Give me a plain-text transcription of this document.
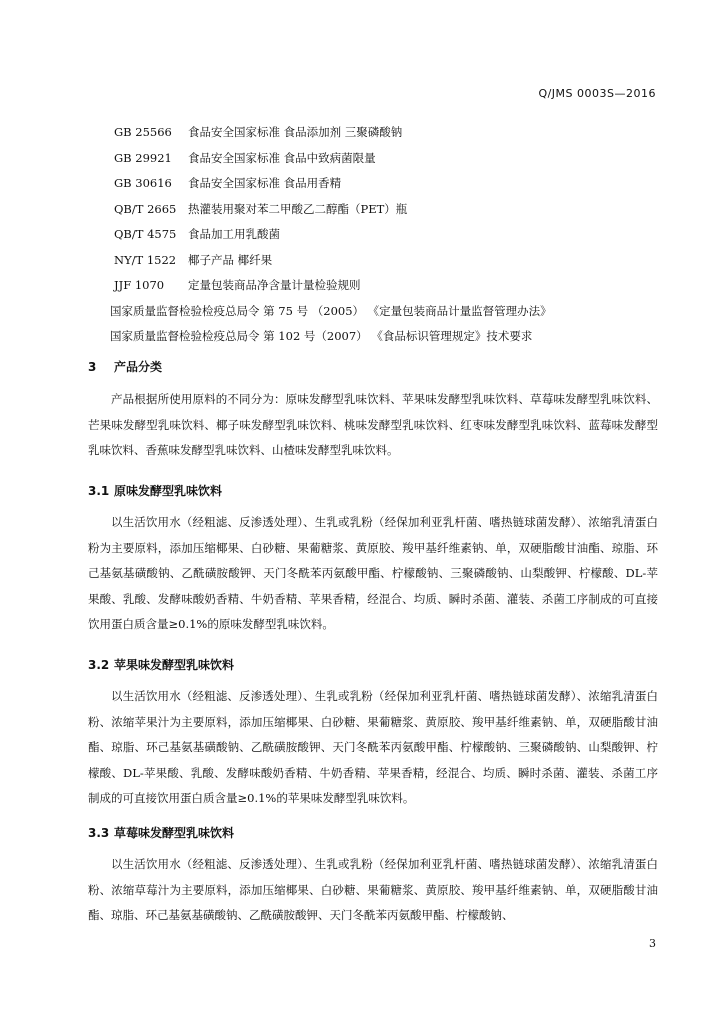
Q/JMS 0003S—2016
GB 25566 食品安全国家标准 食品添加剂 三聚磷酸钠
GB 29921 食品安全国家标准 食品中致病菌限量
GB 30616 食品安全国家标准 食品用香精
QB/T 2665 热灌装用聚对苯二甲酸乙二醇酯（PET）瓶
QB/T 4575 食品加工用乳酸菌
NY/T 1522 椰子产品 椰纤果
JJF 1070 定量包装商品净含量计量检验规则
国家质量监督检验检疫总局令 第 75 号 （2005） 《定量包装商品计量监督管理办法》
国家质量监督检验检疫总局令 第 102 号（2007） 《食品标识管理规定》技术要求
3 产品分类
产品根据所使用原料的不同分为：原味发酵型乳味饮料、苹果味发酵型乳味饮料、草莓味发酵型乳味饮料、芒果味发酵型乳味饮料、椰子味发酵型乳味饮料、桃味发酵型乳味饮料、红枣味发酵型乳味饮料、蓝莓味发酵型乳味饮料、香蕉味发酵型乳味饮料、山楂味发酵型乳味饮料。
3.1 原味发酵型乳味饮料
以生活饮用水（经粗滤、反渗透处理）、生乳或乳粉（经保加利亚乳杆菌、嗜热链球菌发酵）、浓缩乳清蛋白粉为主要原料，添加压缩椰果、白砂糖、果葡糖浆、黄原胶、羧甲基纤维素钠、单，双硬脂酸甘油酯、琼脂、环己基氨基磺酸钠、乙酰磺胺酸钾、天门冬酰苯丙氨酸甲酯、柠檬酸钠、三聚磷酸钠、山梨酸钾、柠檬酸、DL-苹果酸、乳酸、发酵味酸奶香精、牛奶香精、苹果香精，经混合、均质、瞬时杀菌、灌装、杀菌工序制成的可直接饮用蛋白质含量≥0.1%的原味发酵型乳味饮料。
3.2 苹果味发酵型乳味饮料
以生活饮用水（经粗滤、反渗透处理）、生乳或乳粉（经保加利亚乳杆菌、嗜热链球菌发酵）、浓缩乳清蛋白粉、浓缩苹果汁为主要原料，添加压缩椰果、白砂糖、果葡糖浆、黄原胶、羧甲基纤维素钠、单，双硬脂酸甘油酯、琼脂、环己基氨基磺酸钠、乙酰磺胺酸钾、天门冬酰苯丙氨酸甲酯、柠檬酸钠、三聚磷酸钠、山梨酸钾、柠檬酸、DL-苹果酸、乳酸、发酵味酸奶香精、牛奶香精、苹果香精，经混合、均质、瞬时杀菌、灌装、杀菌工序制成的可直接饮用蛋白质含量≥0.1%的苹果味发酵型乳味饮料。
3.3 草莓味发酵型乳味饮料
以生活饮用水（经粗滤、反渗透处理）、生乳或乳粉（经保加利亚乳杆菌、嗜热链球菌发酵）、浓缩乳清蛋白粉、浓缩草莓汁为主要原料，添加压缩椰果、白砂糖、果葡糖浆、黄原胶、羧甲基纤维素钠、单，双硬脂酸甘油酯、琼脂、环己基氨基磺酸钠、乙酰磺胺酸钾、天门冬酰苯丙氨酸甲酯、柠檬酸钠、
3
